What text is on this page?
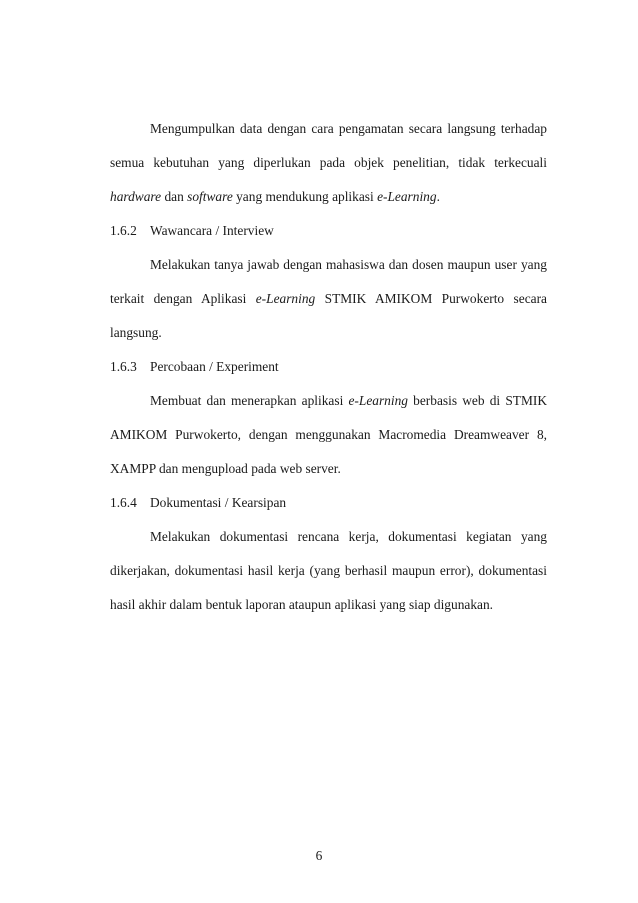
Mengumpulkan data dengan cara pengamatan secara langsung terhadap
semua kebutuhan yang diperlukan pada objek penelitian, tidak terkecuali
hardware dan software yang mendukung aplikasi e-Learning.
1.6.2 Wawancara / Interview
Melakukan tanya jawab dengan mahasiswa dan dosen maupun user yang
terkait dengan Aplikasi e-Learning STMIK AMIKOM Purwokerto secara
langsung.
1.6.3 Percobaan / Experiment
Membuat dan menerapkan aplikasi e-Learning berbasis web di STMIK
AMIKOM Purwokerto, dengan menggunakan Macromedia Dreamweaver 8,
XAMPP dan mengupload pada web server.
1.6.4 Dokumentasi / Kearsipan
Melakukan dokumentasi rencana kerja, dokumentasi kegiatan yang
dikerjakan, dokumentasi hasil kerja (yang berhasil maupun error), dokumentasi
hasil akhir dalam bentuk laporan ataupun aplikasi yang siap digunakan.
6
